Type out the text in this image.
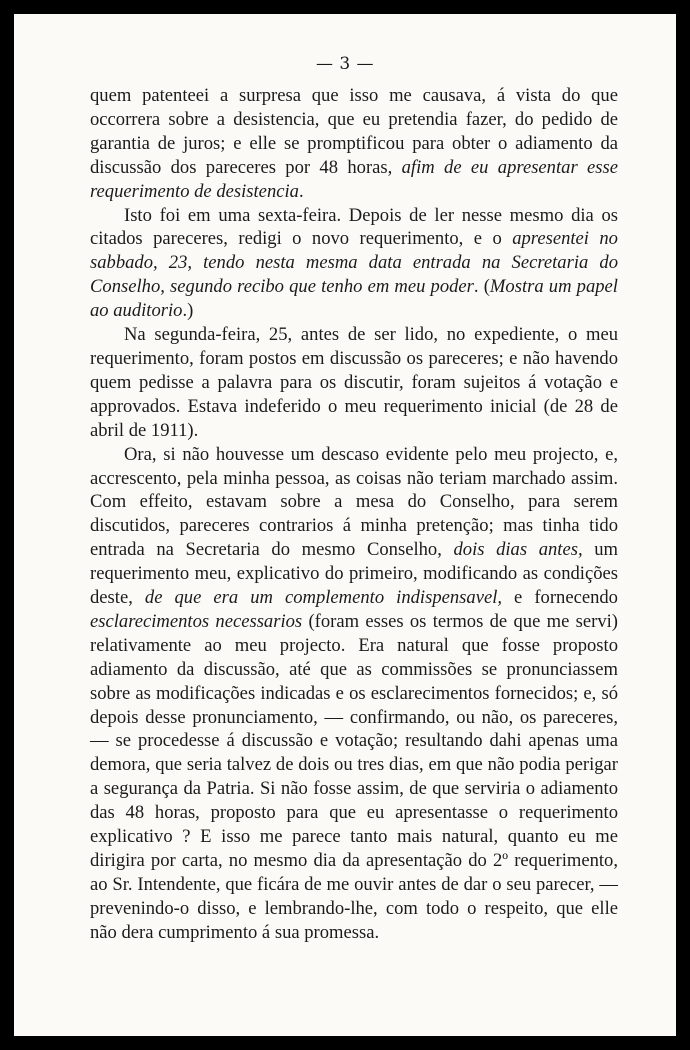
— 3 —

quem patenteei a surpresa que isso me causava, á vista do que occorrera sobre a desistencia, que eu pretendia fazer, do pedido de garantia de juros; e elle se promptificou para obter o adiamento da discussão dos pareceres por 48 horas, afim de eu apresentar esse requerimento de desistencia.

Isto foi em uma sexta-feira. Depois de ler nesse mesmo dia os citados pareceres, redigi o novo requerimento, e o apresentei no sabbado, 23, tendo nesta mesma data entrada na Secretaria do Conselho, segundo recibo que tenho em meu poder. (Mostra um papel ao auditorio.)

Na segunda-feira, 25, antes de ser lido, no expediente, o meu requerimento, foram postos em discussão os pareceres; e não havendo quem pedisse a palavra para os discutir, foram sujeitos á votação e approvados. Estava indeferido o meu requerimento inicial (de 28 de abril de 1911).

Ora, si não houvesse um descaso evidente pelo meu projecto, e, accrescento, pela minha pessoa, as coisas não teriam marchado assim. Com effeito, estavam sobre a mesa do Conselho, para serem discutidos, pareceres contrarios á minha pretenção; mas tinha tido entrada na Secretaria do mesmo Conselho, dois dias antes, um requerimento meu, explicativo do primeiro, modificando as condições deste, de que era um complemento indispensavel, e fornecendo esclarecimentos necessarios (foram esses os termos de que me servi) relativamente ao meu projecto. Era natural que fosse proposto adiamento da discussão, até que as commissões se pronunciassem sobre as modificações indicadas e os esclarecimentos fornecidos; e, só depois desse pronunciamento, — confirmando, ou não, os pareceres, — se procedesse á discussão e votação; resultando dahi apenas uma demora, que seria talvez de dois ou tres dias, em que não podia perigar a segurança da Patria. Si não fosse assim, de que serviria o adiamento das 48 horas, proposto para que eu apresentasse o requerimento explicativo ? E isso me parece tanto mais natural, quanto eu me dirigira por carta, no mesmo dia da apresentação do 2º requerimento, ao Sr. Intendente, que ficára de me ouvir antes de dar o seu parecer, — prevenindo-o disso, e lembrando-lhe, com todo o respeito, que elle não dera cumprimento á sua promessa.
